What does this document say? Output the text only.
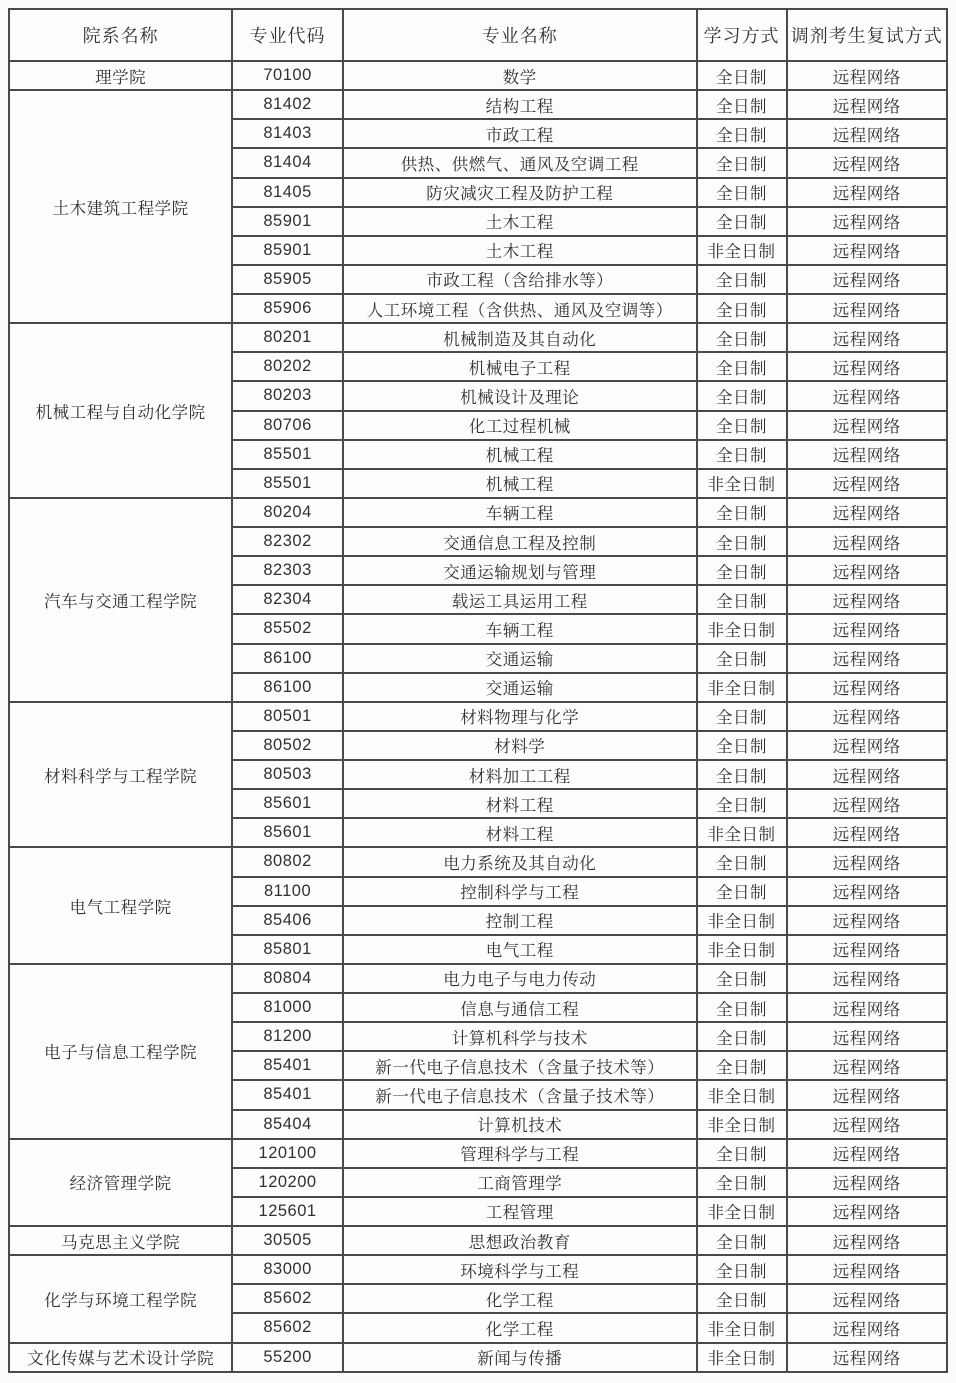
院系名称	专业代码	专业名称	学习方式	调剂考生复试方式
理学院	70100	数学	全日制	远程网络
土木建筑工程学院	81402	结构工程	全日制	远程网络
	81403	市政工程	全日制	远程网络
	81404	供热、供燃气、通风及空调工程	全日制	远程网络
	81405	防灾减灾工程及防护工程	全日制	远程网络
	85901	土木工程	全日制	远程网络
	85901	土木工程	非全日制	远程网络
	85905	市政工程（含给排水等）	全日制	远程网络
	85906	人工环境工程（含供热、通风及空调等）	全日制	远程网络
机械工程与自动化学院	80201	机械制造及其自动化	全日制	远程网络
	80202	机械电子工程	全日制	远程网络
	80203	机械设计及理论	全日制	远程网络
	80706	化工过程机械	全日制	远程网络
	85501	机械工程	全日制	远程网络
	85501	机械工程	非全日制	远程网络
汽车与交通工程学院	80204	车辆工程	全日制	远程网络
	82302	交通信息工程及控制	全日制	远程网络
	82303	交通运输规划与管理	全日制	远程网络
	82304	载运工具运用工程	全日制	远程网络
	85502	车辆工程	非全日制	远程网络
	86100	交通运输	全日制	远程网络
	86100	交通运输	非全日制	远程网络
材料科学与工程学院	80501	材料物理与化学	全日制	远程网络
	80502	材料学	全日制	远程网络
	80503	材料加工工程	全日制	远程网络
	85601	材料工程	全日制	远程网络
	85601	材料工程	非全日制	远程网络
电气工程学院	80802	电力系统及其自动化	全日制	远程网络
	81100	控制科学与工程	全日制	远程网络
	85406	控制工程	非全日制	远程网络
	85801	电气工程	非全日制	远程网络
电子与信息工程学院	80804	电力电子与电力传动	全日制	远程网络
	81000	信息与通信工程	全日制	远程网络
	81200	计算机科学与技术	全日制	远程网络
	85401	新一代电子信息技术（含量子技术等）	全日制	远程网络
	85401	新一代电子信息技术（含量子技术等）	非全日制	远程网络
	85404	计算机技术	非全日制	远程网络
经济管理学院	120100	管理科学与工程	全日制	远程网络
	120200	工商管理学	全日制	远程网络
	125601	工程管理	非全日制	远程网络
马克思主义学院	30505	思想政治教育	全日制	远程网络
化学与环境工程学院	83000	环境科学与工程	全日制	远程网络
	85602	化学工程	全日制	远程网络
	85602	化学工程	非全日制	远程网络
文化传媒与艺术设计学院	55200	新闻与传播	非全日制	远程网络
